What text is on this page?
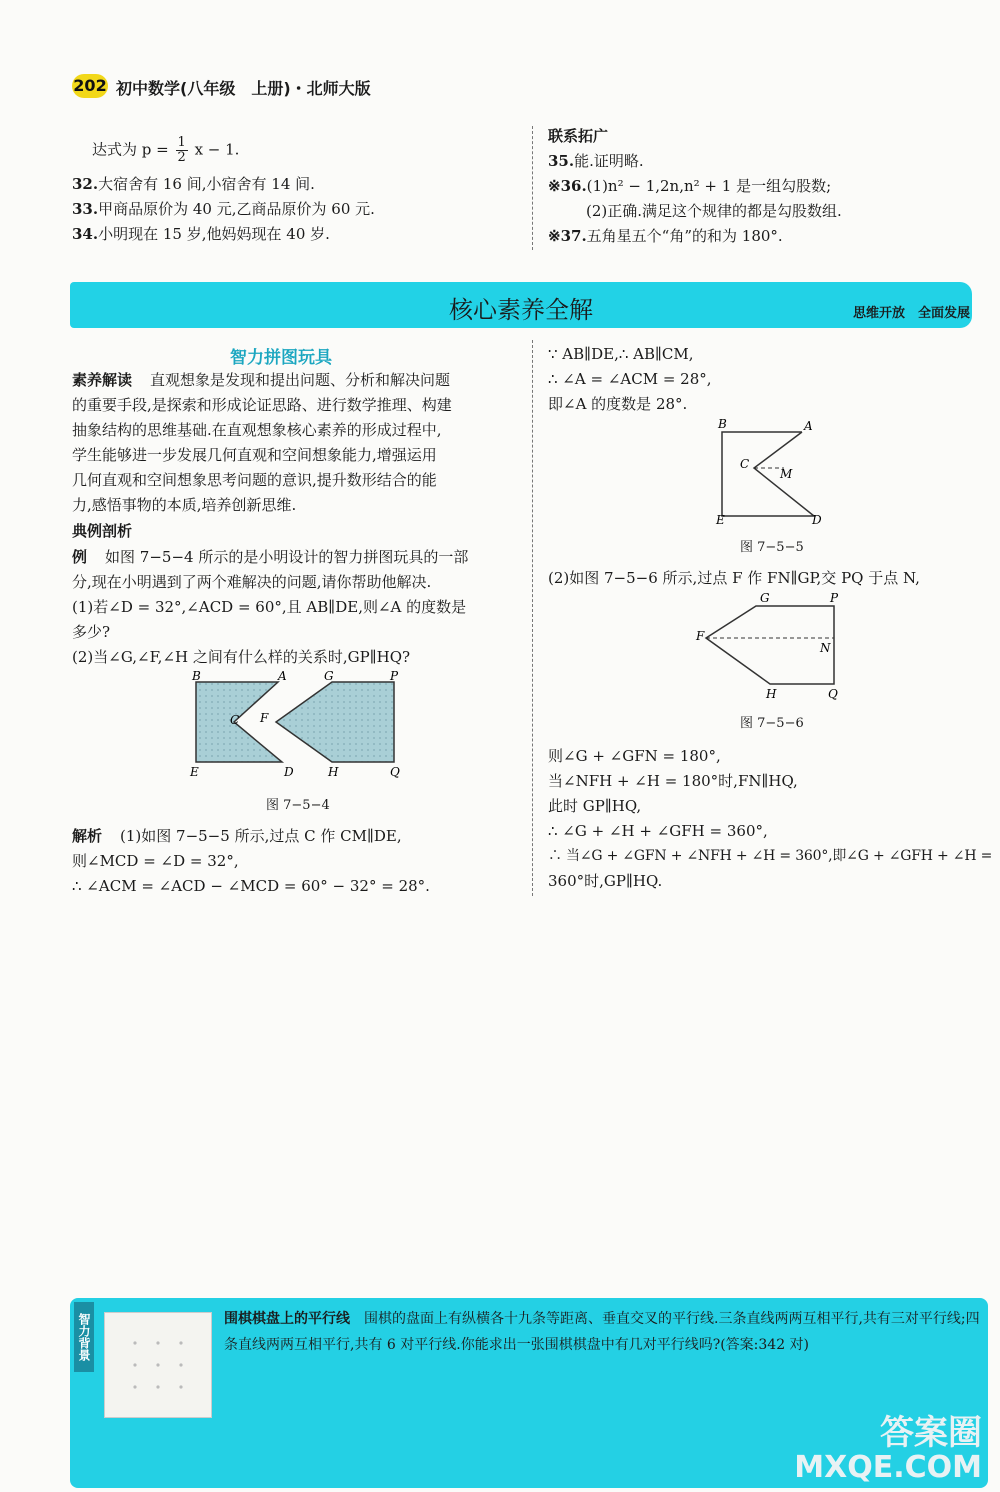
202 初中数学(八年级　上册)・北师大版
达式为 $p = \frac{1}{2}$ x − 1.
32.大宿舍有 16 间,小宿舍有 14 间.
33.甲商品原价为 40 元,乙商品原价为 60 元.
34.小明现在 15 岁,他妈妈现在 40 岁.
联系拓广
35.能.证明略.
※36.(1)n² − 1,2n,n² + 1 是一组勾股数;
(2)正确.满足这个规律的都是勾股数组.
※37.五角星五个“角”的和为 180°.
核心素养全解	思维开放　全面发展
智力拼图玩具
素养解读 直观想象是发现和提出问题、分析和解决问题
的重要手段,是探索和形成论证思路、进行数学推理、构建
抽象结构的思维基础.在直观想象核心素养的形成过程中,
学生能够进一步发展几何直观和空间想象能力,增强运用
几何直观和空间想象思考问题的意识,提升数形结合的能
力,感悟事物的本质,培养创新思维.
典例剖析
例 如图 7−5−4 所示的是小明设计的智力拼图玩具的一部
分,现在小明遇到了两个难解决的问题,请你帮助他解决.
(1)若∠D = 32°,∠ACD = 60°,且 AB∥DE,则∠A 的度数是
多少?
(2)当∠G,∠F,∠H 之间有什么样的关系时,GP∥HQ?
B	A	G	P
C F
E	D	H	Q
图 7−5−4
解析 (1)如图 7−5−5 所示,过点 C 作 CM∥DE,
则∠MCD = ∠D = 32°,
∴ ∠ACM = ∠ACD − ∠MCD = 60° − 32° = 28°.
∵ AB∥DE,∴ AB∥CM,
∴ ∠A = ∠ACM = 28°,
即∠A 的度数是 28°.
B	A
C
M
E	D
图 7−5−5
(2)如图 7−5−6 所示,过点 F 作 FN∥GP,交 PQ 于点 N,
G	P
F
N
H	Q
图 7−5−6
则∠G + ∠GFN = 180°,
当∠NFH + ∠H = 180°时,FN∥HQ,
此时 GP∥HQ,
∴ ∠G + ∠H + ∠GFH = 360°,
∴ 当∠G + ∠GFN + ∠NFH + ∠H = 360°,即∠G + ∠GFH + ∠H =
360°时,GP∥HQ.
智力背景	围棋棋盘上的平行线 围棋的盘面上有纵横各十九条等距离、垂直交叉的平行线.三条直线两两互相平行,共有三对平行线;四条直线两两互相平行,共有 6 对平行线.你能求出一张围棋棋盘中有几对平行线吗?(答案:342 对)
答案圈
MXQE.COM
